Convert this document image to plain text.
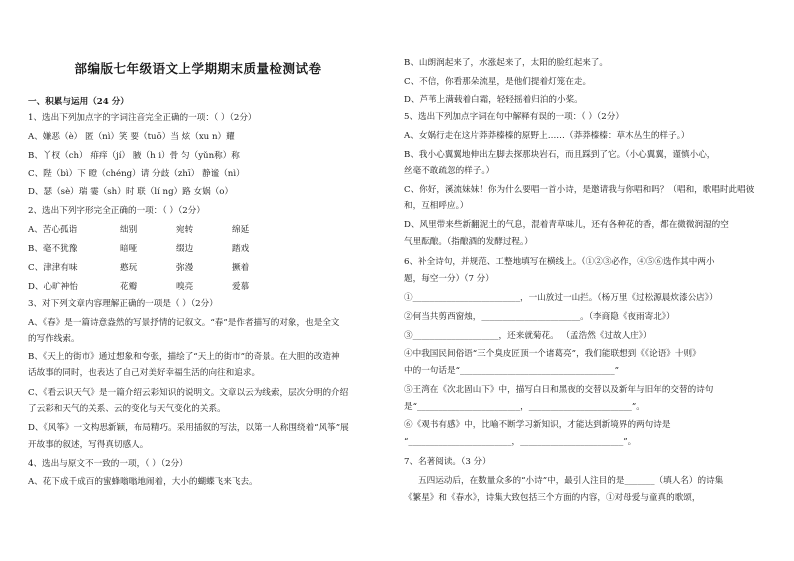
部编版七年级语文上学期期末质量检测试卷
一、积累与运用（24 分）
1、选出下列加点字的字词注音完全正确的一项：（ ）（2分）
A、嫌恶（è） 匿（nì）笑 要（tuō）当 炫（xu n）耀
B、丫杈（ch） 痱痒（jí） 腋（h i）骨 匀（yǔn称）称
C、陛（bì）下 瞪（chéng）请 分歧（zhī） 静谧（nì）
D、瑟（sè）瑞 霎（sh）时 联（lí ng）路 女娲（o）
2、选出下列字形完全正确的一项：（ ）（2分）
A、苦心孤诣	绌别	宛转	绵延
B、毫不犹豫	暗哑	缀边	踏戏
C、津津有味	憨玩	弥漫	撅着
D、心旷神怡	花瓣	嗅亮	爱慕
3、对下列文章内容理解正确的一项是（ ）（2分）
A、《春》是一篇诗意盎然的写景抒情的记叙文。“春”是作者描写的对象，也是全文
的写作线索。
B、《天上的街市》通过想象和夸张，描绘了“天上的街市”的奇景。在大胆的改造神
话故事的同时，也表达了自己对美好幸福生活的向往和追求。
C、《看云识天气》是一篇介绍云彩知识的说明文。文章以云为线索，层次分明的介绍
了云彩和天气的关系、云的变化与天气变化的关系。
D、《风筝》一文构思新颖，布局精巧。采用插叙的写法，以第一人称围绕着“风筝”展
开故事的叙述，写得真切感人。
4、选出与原文不一致的一项，（ ）（2分）
A、花下成千成百的蜜蜂嗡嗡地闹着，大小的蝴蝶飞来飞去。
B、山朗润起来了，水涨起来了，太阳的脸红起来了。
C、不信，你看那朵流星，是他们提着灯笼在走。
D、芦苇上满载着白霜，轻轻摇着归泊的小桨。
5、选出下列加点字词在句中解释有误的一项：（ ）（2分）
A、女娲行走在这片莽莽榛榛的原野上……（莽莽榛榛：草木丛生的样子。）
B、我小心翼翼地伸出左脚去探那块岩石，而且踩到了它。（小心翼翼，谨慎小心，
丝毫不敢疏忽的样子。）
C、你好，溪流妹妹！你为什么要唱一首小诗，是邀请我与你唱和吗？（唱和，歌唱时此唱彼
和，互相呼应。）
D、风里带来些新翻泥土的气息，混着青草味儿，还有各种花的香，都在微微润湿的空
气里酝酿。（指酿酒的发酵过程。）
6、补全诗句，并规范、工整地填写在横线上。（①②③必作，④⑤⑥选作其中两小
题，每空一分）（7 分）
①_________________________，一山放过一山拦。（杨万里《过松源晨炊漆公店》）
②何当共剪西窗烛，_______________________。（李商隐《夜雨寄北》）
③____________________，还来就菊花。 （孟浩然《过故人庄》）
④中我国民间俗语“三个臭皮匠顶一个诸葛亮”，我们能联想到《《论语》十则》
中的一句话是“____________________________________”
⑤王湾在《次北固山下》中，描写白日和黑夜的交替以及新年与旧年的交替的诗句
是“________________________，________________________”。
⑥《观书有感》中，比喻不断学习新知识，才能达到新境界的两句诗是
“________________________，________________________”。
7、名著阅读。（3 分）
五四运动后，在数量众多的“小诗”中，最引人注目的是_______（填人名）的诗集
《繁星》和《春水》，诗集大致包括三个方面的内容，①对母爱与童真的歌颂，
